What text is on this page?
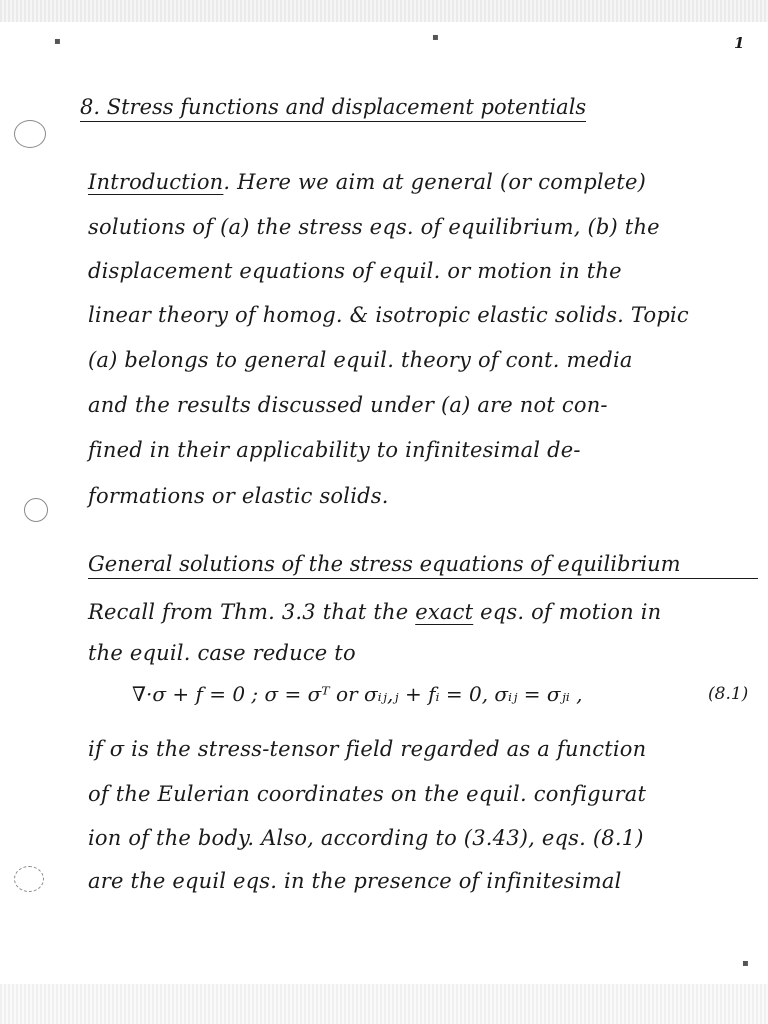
▪	▪	1
8. Stress functions and displacement potentials
Introduction. Here we aim at general (or complete)
solutions of (a) the stress eqs. of equilibrium, (b) the
displacement equations of equil. or motion in the
linear theory of homog. & isotropic elastic solids. Topic
(a) belongs to general equil. theory of cont. media
and the results discussed under (a) are not con-
fined in their applicability to infinitesimal de-
formations or elastic solids.
General solutions of the stress equations of equilibrium
Recall from Thm. 3.3 that the exact eqs. of motion in
the equil. case reduce to
∇·σ + f = 0 ; σ = σᵀ or σᵢⱼ,ⱼ + fᵢ = 0, σᵢⱼ = σⱼᵢ ,	(8.1)
if σ is the stress-tensor field regarded as a function
of the Eulerian coordinates on the equil. configurat
ion of the body. Also, according to (3.43), eqs. (8.1)
are the equil eqs. in the presence of infinitesimal
▪
